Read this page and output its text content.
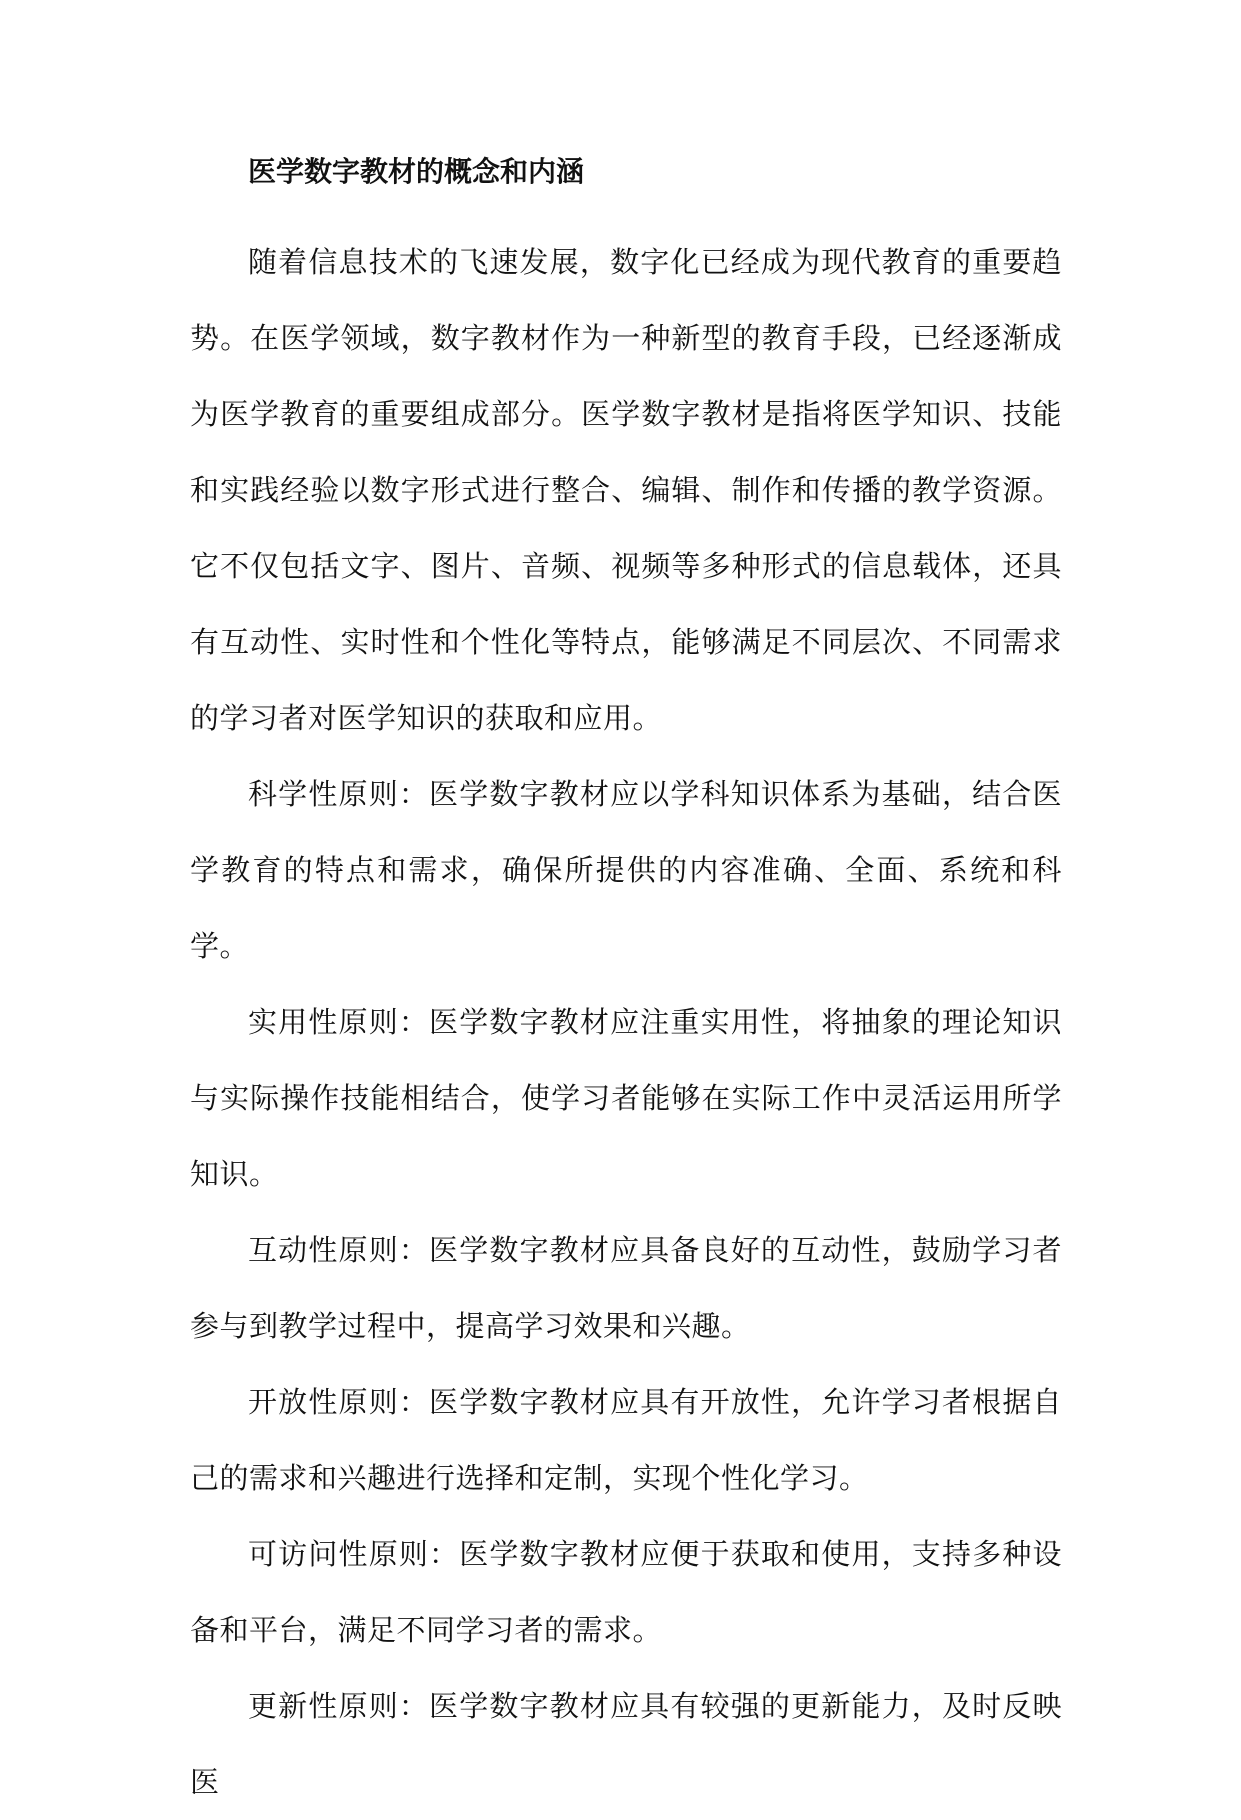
医学数字教材的概念和内涵

随着信息技术的飞速发展，数字化已经成为现代教育的重要趋势。在医学领域，数字教材作为一种新型的教育手段，已经逐渐成为医学教育的重要组成部分。医学数字教材是指将医学知识、技能和实践经验以数字形式进行整合、编辑、制作和传播的教学资源。它不仅包括文字、图片、音频、视频等多种形式的信息载体，还具有互动性、实时性和个性化等特点，能够满足不同层次、不同需求的学习者对医学知识的获取和应用。

科学性原则：医学数字教材应以学科知识体系为基础，结合医学教育的特点和需求，确保所提供的内容准确、全面、系统和科学。

实用性原则：医学数字教材应注重实用性，将抽象的理论知识与实际操作技能相结合，使学习者能够在实际工作中灵活运用所学知识。

互动性原则：医学数字教材应具备良好的互动性，鼓励学习者参与到教学过程中，提高学习效果和兴趣。

开放性原则：医学数字教材应具有开放性，允许学习者根据自己的需求和兴趣进行选择和定制，实现个性化学习。

可访问性原则：医学数字教材应便于获取和使用，支持多种设备和平台，满足不同学习者的需求。

更新性原则：医学数字教材应具有较强的更新能力，及时反映医
